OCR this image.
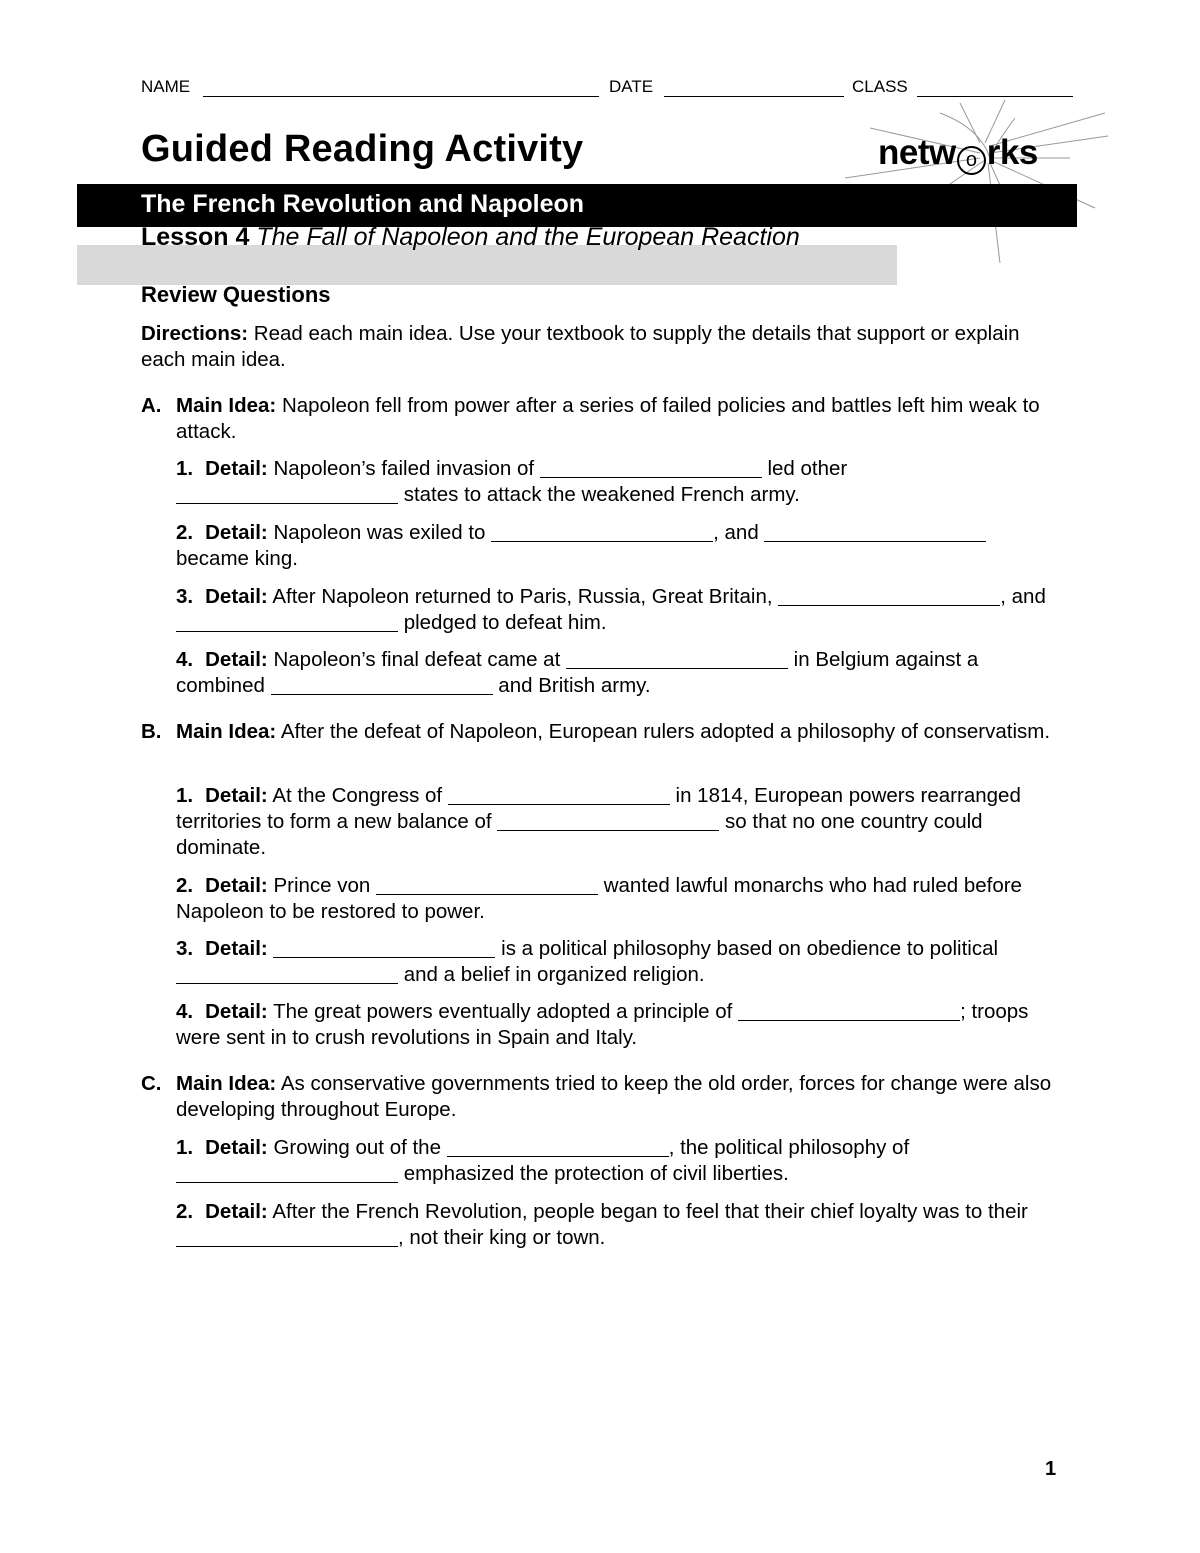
NAME	DATE	CLASS
Guided Reading Activity	netw o rks
The French Revolution and Napoleon
Lesson 4 The Fall of Napoleon and the European Reaction
Review Questions
Directions: Read each main idea. Use your textbook to supply the details that support or explain each main idea.
A. Main Idea: Napoleon fell from power after a series of failed policies and battles left him weak to attack.
1. Detail: Napoleon’s failed invasion of	led other  states to attack the weakened French army.
2. Detail: Napoleon was exiled to	, and  became king.
3. Detail: After Napoleon returned to Paris, Russia, Great Britain,	, and  pledged to defeat him.
4. Detail: Napoleon’s final defeat came at	in Belgium against a combined	and British army.
B. Main Idea: After the defeat of Napoleon, European rulers adopted a philosophy of conservatism.
1. Detail: At the Congress of	in 1814, European powers rearranged territories to form a new balance of	so that no one country could dominate.
2. Detail: Prince von	wanted lawful monarchs who had ruled before Napoleon to be restored to power.
3. Detail:	is a political philosophy based on obedience to political  and a belief in organized religion.
4. Detail: The great powers eventually adopted a principle of	; troops were sent in to crush revolutions in Spain and Italy.
C. Main Idea: As conservative governments tried to keep the old order, forces for change were also developing throughout Europe.
1. Detail: Growing out of the	, the political philosophy of  emphasized the protection of civil liberties.
2. Detail: After the French Revolution, people began to feel that their chief loyalty was to their , not their king or town.
1
